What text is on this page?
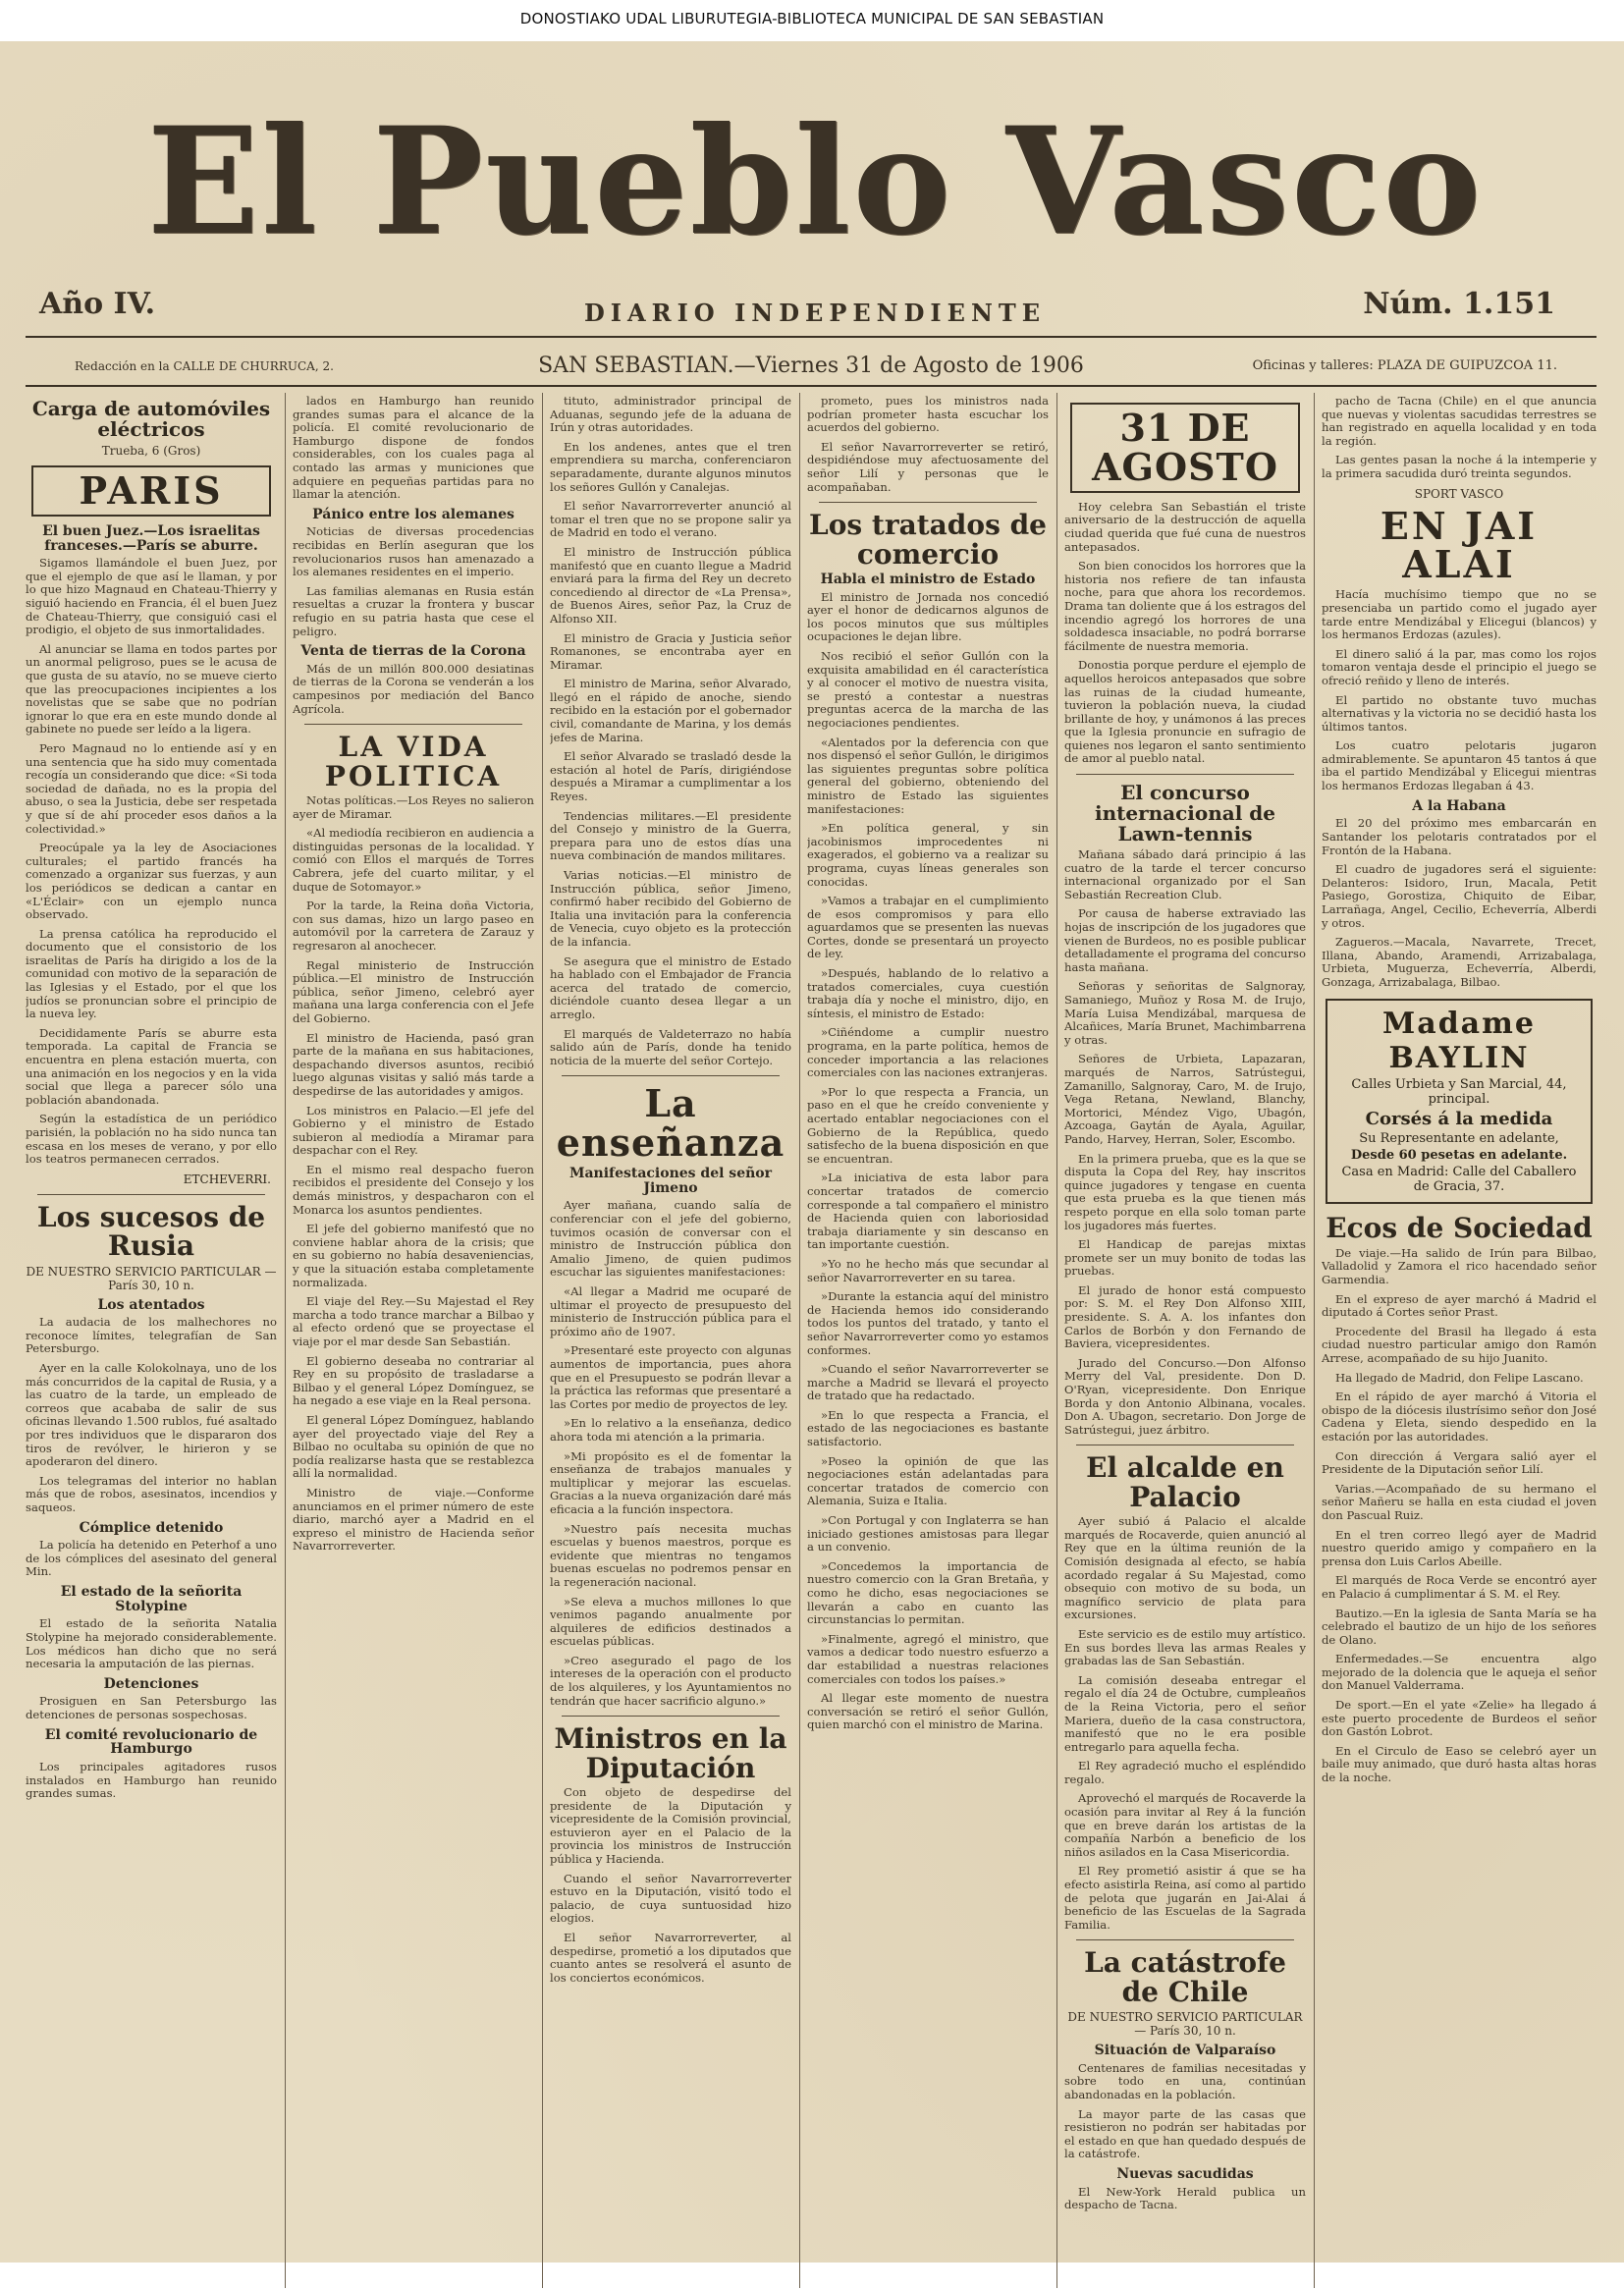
DONOSTIAKO UDAL LIBURUTEGIA-BIBLIOTECA MUNICIPAL DE SAN SEBASTIAN
El Pueblo Vasco
Año IV.	DIARIO INDEPENDIENTE	Núm. 1.151
Redacción en la CALLE DE CHURRUCA, 2.	SAN SEBASTIAN.—Viernes 31 de Agosto de 1906	Oficinas y talleres: PLAZA DE GUIPUZCOA 11.
Carga de automóviles eléctricos
Trueba, 6 (Gros)
PARIS
El buen Juez.—Los israelitas franceses.—París se aburre.

Sigamos llamándole el buen Juez, por que el ejemplo de que así le llaman, y por lo que hizo Magnaud en Chateau-Thierry y siguió haciendo en Francia, él el buen Juez de Chateau-Thierry, que consiguió casi el prodigio, el objeto de sus inmortalidades.

Al anunciar se llama en todos partes por un anormal peligroso, pues se le acusa de que gusta de su atavío, no se mueve cierto que las preocupaciones incipientes a los novelistas que se sabe que no podrían ignorar lo que era en este mundo donde al gabinete no puede ser leído a la ligera.

Pero Magnaud no lo entiende así y en una sentencia que ha sido muy comentada recogía un considerando que dice: «Si toda sociedad de dañada, no es la propia del abuso, o sea la Justicia, debe ser respetada y que sí de ahí proceder esos daños a la colectividad.»

Preocúpale ya la ley de Asociaciones culturales; el partido francés ha comenzado a organizar sus fuerzas, y aun los periódicos se dedican a cantar en «L'Éclair» con un ejemplo nunca observado.

La prensa católica ha reproducido el documento que el consistorio de los israelitas de París ha dirigido a los de la comunidad con motivo de la separación de las Iglesias y el Estado, por el que los judíos se pronuncian sobre el principio de la nueva ley.

Decididamente París se aburre esta temporada. La capital de Francia se encuentra en plena estación muerta, con una animación en los negocios y en la vida social que llega a parecer sólo una población abandonada.

Según la estadística de un periódico parisién, la población no ha sido nunca tan escasa en los meses de verano, y por ello los teatros permanecen cerrados.

ETCHEVERRI.
Los sucesos de Rusia
DE NUESTRO SERVICIO PARTICULAR — París 30, 10 n.
Los atentados

La audacia de los malhechores no reconoce límites, telegrafían de San Petersburgo.

Ayer en la calle Kolokolnaya, uno de los más concurridos de la capital de Rusia, y a las cuatro de la tarde, un empleado de correos que acababa de salir de sus oficinas llevando 1.500 rublos, fué asaltado por tres individuos que le dispararon dos tiros de revólver, le hirieron y se apoderaron del dinero.

Los telegramas del interior no hablan más que de robos, asesinatos, incendios y saqueos.

Cómplice detenido

La policía ha detenido en Peterhof a uno de los cómplices del asesinato del general Min.

El estado de la señorita Stolypine

El estado de la señorita Natalia Stolypine ha mejorado considerablemente. Los médicos han dicho que no será necesaria la amputación de las piernas.

Detenciones

Prosiguen en San Petersburgo las detenciones de personas sospechosas.

El comité revolucionario de Hamburgo

Los principales agitadores rusos instalados en Hamburgo han reunido grandes sumas.

lados en Hamburgo han reunido grandes sumas para el alcance de la policía. El comité revolucionario de Hamburgo dispone de fondos considerables, con los cuales paga al contado las armas y municiones que adquiere en pequeñas partidas para no llamar la atención.

Pánico entre los alemanes

Noticias de diversas procedencias recibidas en Berlín aseguran que los revolucionarios rusos han amenazado a los alemanes residentes en el imperio.

Las familias alemanas en Rusia están resueltas a cruzar la frontera y buscar refugio en su patria hasta que cese el peligro.

Venta de tierras de la Corona

Más de un millón 800.000 desiatinas de tierras de la Corona se venderán a los campesinos por mediación del Banco Agrícola.

LA VIDA POLITICA

Notas políticas.—Los Reyes no salieron ayer de Miramar.

«Al mediodía recibieron en audiencia a distinguidas personas de la localidad. Y comió con Ellos el marqués de Torres Cabrera, jefe del cuarto militar, y el duque de Sotomayor.»

Por la tarde, la Reina doña Victoria, con sus damas, hizo un largo paseo en automóvil por la carretera de Zarauz y regresaron al anochecer.

Regal ministerio de Instrucción pública.—El ministro de Instrucción pública, señor Jimeno, celebró ayer mañana una larga conferencia con el Jefe del Gobierno.

El ministro de Hacienda, pasó gran parte de la mañana en sus habitaciones, despachando diversos asuntos, recibió luego algunas visitas y salió más tarde a despedirse de las autoridades y amigos.

Los ministros en Palacio.—El jefe del Gobierno y el ministro de Estado subieron al mediodía a Miramar para despachar con el Rey.

En el mismo real despacho fueron recibidos el presidente del Consejo y los demás ministros, y despacharon con el Monarca los asuntos pendientes.

El jefe del gobierno manifestó que no conviene hablar ahora de la crisis; que en su gobierno no había desaveniencias, y que la situación estaba completamente normalizada.

El viaje del Rey.—Su Majestad el Rey marcha a todo trance marchar a Bilbao y al efecto ordenó que se proyectase el viaje por el mar desde San Sebastián.

El gobierno deseaba no contrariar al Rey en su propósito de trasladarse a Bilbao y el general López Domínguez, se ha negado a ese viaje en la Real persona.

El general López Domínguez, hablando ayer del proyectado viaje del Rey a Bilbao no ocultaba su opinión de que no podía realizarse hasta que se restablezca allí la normalidad.

Ministro de viaje.—Conforme anunciamos en el primer número de este diario, marchó ayer a Madrid en el expreso el ministro de Hacienda señor Navarrorreverter.

tituto, administrador principal de Aduanas, segundo jefe de la aduana de Irún y otras autoridades.

En los andenes, antes que el tren emprendiera su marcha, conferenciaron separadamente, durante algunos minutos los señores Gullón y Canalejas.

El señor Navarrorreverter anunció al tomar el tren que no se propone salir ya de Madrid en todo el verano.

El ministro de Instrucción pública manifestó que en cuanto llegue a Madrid enviará para la firma del Rey un decreto concediendo al director de «La Prensa», de Buenos Aires, señor Paz, la Cruz de Alfonso XII.

El ministro de Gracia y Justicia señor Romanones, se encontraba ayer en Miramar.

El ministro de Marina, señor Alvarado, llegó en el rápido de anoche, siendo recibido en la estación por el gobernador civil, comandante de Marina, y los demás jefes de Marina.

El señor Alvarado se trasladó desde la estación al hotel de París, dirigiéndose después a Miramar a cumplimentar a los Reyes.

Tendencias militares.—El presidente del Consejo y ministro de la Guerra, prepara para uno de estos días una nueva combinación de mandos militares.

Varias noticias.—El ministro de Instrucción pública, señor Jimeno, confirmó haber recibido del Gobierno de Italia una invitación para la conferencia de Venecia, cuyo objeto es la protección de la infancia.

Se asegura que el ministro de Estado ha hablado con el Embajador de Francia acerca del tratado de comercio, diciéndole cuanto desea llegar a un arreglo.

El marqués de Valdeterrazo no había salido aún de París, donde ha tenido noticia de la muerte del señor Cortejo.

La enseñanza
Manifestaciones del señor Jimeno

Ayer mañana, cuando salía de conferenciar con el jefe del gobierno, tuvimos ocasión de conversar con el ministro de Instrucción pública don Amalio Jimeno, de quien pudimos escuchar las siguientes manifestaciones:

«Al llegar a Madrid me ocuparé de ultimar el proyecto de presupuesto del ministerio de Instrucción pública para el próximo año de 1907.

»Presentaré este proyecto con algunas aumentos de importancia, pues ahora que en el Presupuesto se podrán llevar a la práctica las reformas que presentaré a las Cortes por medio de proyectos de ley.

»En lo relativo a la enseñanza, dedico ahora toda mi atención a la primaria.

»Mi propósito es el de fomentar la enseñanza de trabajos manuales y multiplicar y mejorar las escuelas. Gracias a la nueva organización daré más eficacia a la función inspectora.

»Nuestro país necesita muchas escuelas y buenos maestros, porque es evidente que mientras no tengamos buenas escuelas no podremos pensar en la regeneración nacional.

»Se eleva a muchos millones lo que venimos pagando anualmente por alquileres de edificios destinados a escuelas públicas.

»Creo asegurado el pago de los intereses de la operación con el producto de los alquileres, y los Ayuntamientos no tendrán que hacer sacrificio alguno.»

Ministros en la Diputación

Con objeto de despedirse del presidente de la Diputación y vicepresidente de la Comisión provincial, estuvieron ayer en el Palacio de la provincia los ministros de Instrucción pública y Hacienda.

Cuando el señor Navarrorreverter estuvo en la Diputación, visitó todo el palacio, de cuya suntuosidad hizo elogios.

El señor Navarrorreverter, al despedirse, prometió a los diputados que cuanto antes se resolverá el asunto de los conciertos económicos.

prometo, pues los ministros nada podrían prometer hasta escuchar los acuerdos del gobierno.

El señor Navarrorreverter se retiró, despidiéndose muy afectuosamente del señor Lilí y personas que le acompañaban.

Los tratados de comercio
Habla el ministro de Estado

El ministro de Jornada nos concedió ayer el honor de dedicarnos algunos de los pocos minutos que sus múltiples ocupaciones le dejan libre.

Nos recibió el señor Gullón con la exquisita amabilidad en él característica y al conocer el motivo de nuestra visita, se prestó a contestar a nuestras preguntas acerca de la marcha de las negociaciones pendientes.

«Alentados por la deferencia con que nos dispensó el señor Gullón, le dirigimos las siguientes preguntas sobre política general del gobierno, obteniendo del ministro de Estado las siguientes manifestaciones:

»En política general, y sin jacobinismos improcedentes ni exagerados, el gobierno va a realizar su programa, cuyas líneas generales son conocidas.

»Vamos a trabajar en el cumplimiento de esos compromisos y para ello aguardamos que se presenten las nuevas Cortes, donde se presentará un proyecto de ley.

»Después, hablando de lo relativo a tratados comerciales, cuya cuestión trabaja día y noche el ministro, dijo, en síntesis, el ministro de Estado:

»Ciñéndome a cumplir nuestro programa, en la parte política, hemos de conceder importancia a las relaciones comerciales con las naciones extranjeras.

»Por lo que respecta a Francia, un paso en el que he creído conveniente y acertado entablar negociaciones con el Gobierno de la República, quedo satisfecho de la buena disposición en que se encuentran.

»La iniciativa de esta labor para concertar tratados de comercio corresponde a tal compañero el ministro de Hacienda quien con laboriosidad trabaja diariamente y sin descanso en tan importante cuestión.

»Yo no he hecho más que secundar al señor Navarrorreverter en su tarea.

»Durante la estancia aquí del ministro de Hacienda hemos ido considerando todos los puntos del tratado, y tanto el señor Navarrorreverter como yo estamos conformes.

»Cuando el señor Navarrorreverter se marche a Madrid se llevará el proyecto de tratado que ha redactado.

»En lo que respecta a Francia, el estado de las negociaciones es bastante satisfactorio.

»Poseo la opinión de que las negociaciones están adelantadas para concertar tratados de comercio con Alemania, Suiza e Italia.

»Con Portugal y con Inglaterra se han iniciado gestiones amistosas para llegar a un convenio.

»Concedemos la importancia de nuestro comercio con la Gran Bretaña, y como he dicho, esas negociaciones se llevarán a cabo en cuanto las circunstancias lo permitan.

»Finalmente, agregó el ministro, que vamos a dedicar todo nuestro esfuerzo a dar estabilidad a nuestras relaciones comerciales con todos los países.»

Al llegar este momento de nuestra conversación se retiró el señor Gullón, quien marchó con el ministro de Marina.

31 DE AGOSTO

Hoy celebra San Sebastián el triste aniversario de la destrucción de aquella ciudad querida que fué cuna de nuestros antepasados.

Son bien conocidos los horrores que la historia nos refiere de tan infausta noche, para que ahora los recordemos. Drama tan doliente que á los estragos del incendio agregó los horrores de una soldadesca insaciable, no podrá borrarse fácilmente de nuestra memoria.

Donostia porque perdure el ejemplo de aquellos heroicos antepasados que sobre las ruinas de la ciudad humeante, tuvieron la población nueva, la ciudad brillante de hoy, y unámonos á las preces que la Iglesia pronuncie en sufragio de quienes nos legaron el santo sentimiento de amor al pueblo natal.

El concurso internacional de Lawn-tennis

Mañana sábado dará principio á las cuatro de la tarde el tercer concurso internacional organizado por el San Sebastián Recreation Club.

Por causa de haberse extraviado las hojas de inscripción de los jugadores que vienen de Burdeos, no es posible publicar detalladamente el programa del concurso hasta mañana.

Señoras y señoritas de Salgnoray, Samaniego, Muñoz y Rosa M. de Irujo, María Luisa Mendizábal, marquesa de Alcañices, María Brunet, Machimbarrena y otras.

Señores de Urbieta, Lapazaran, marqués de Narros, Satrústegui, Zamanillo, Salgnoray, Caro, M. de Irujo, Vega Retana, Newland, Blanchy, Mortorici, Méndez Vigo, Ubagón, Azcoaga, Gaytán de Ayala, Aguilar, Pando, Harvey, Herran, Soler, Escombo.

En la primera prueba, que es la que se disputa la Copa del Rey, hay inscritos quince jugadores y tengase en cuenta que esta prueba es la que tienen más respeto porque en ella solo toman parte los jugadores más fuertes.

El Handicap de parejas mixtas promete ser un muy bonito de todas las pruebas.

El jurado de honor está compuesto por: S. M. el Rey Don Alfonso XIII, presidente. S. A. A. los infantes don Carlos de Borbón y don Fernando de Baviera, vicepresidentes.

Jurado del Concurso.—Don Alfonso Merry del Val, presidente. Don D. O'Ryan, vicepresidente. Don Enrique Borda y don Antonio Albinana, vocales. Don A. Ubagon, secretario. Don Jorge de Satrústegui, juez árbitro.

El alcalde en Palacio

Ayer subió á Palacio el alcalde marqués de Rocaverde, quien anunció al Rey que en la última reunión de la Comisión designada al efecto, se había acordado regalar á Su Majestad, como obsequio con motivo de su boda, un magnífico servicio de plata para excursiones.

Este servicio es de estilo muy artístico. En sus bordes lleva las armas Reales y grabadas las de San Sebastián.

La comisión deseaba entregar el regalo el día 24 de Octubre, cumpleaños de la Reina Victoria, pero el señor Mariera, dueño de la casa constructora, manifestó que no le era posible entregarlo para aquella fecha.

El Rey agradeció mucho el espléndido regalo.

Aprovechó el marqués de Rocaverde la ocasión para invitar al Rey á la función que en breve darán los artistas de la compañía Narbón a beneficio de los niños asilados en la Casa Misericordia.

El Rey prometió asistir á que se ha efecto asistirla Reina, así como al partido de pelota que jugarán en Jai-Alai á beneficio de las Escuelas de la Sagrada Familia.

La catástrofe de Chile
DE NUESTRO SERVICIO PARTICULAR — París 30, 10 n.
Situación de Valparaíso

Centenares de familias necesitadas y sobre todo en una, continúan abandonadas en la población.

La mayor parte de las casas que resistieron no podrán ser habitadas por el estado en que han quedado después de la catástrofe.

Nuevas sacudidas

El New-York Herald publica un despacho de Tacna.

pacho de Tacna (Chile) en el que anuncia que nuevas y violentas sacudidas terrestres se han registrado en aquella localidad y en toda la región.

Las gentes pasan la noche á la intemperie y la primera sacudida duró treinta segundos.

SPORT VASCO
EN JAI ALAI

Hacía muchísimo tiempo que no se presenciaba un partido como el jugado ayer tarde entre Mendizábal y Elicegui (blancos) y los hermanos Erdozas (azules).

El dinero salió á la par, mas como los rojos tomaron ventaja desde el principio el juego se ofreció reñido y lleno de interés.

El partido no obstante tuvo muchas alternativas y la victoria no se decidió hasta los últimos tantos.

Los cuatro pelotaris jugaron admirablemente. Se apuntaron 45 tantos á que iba el partido Mendizábal y Elicegui mientras los hermanos Erdozas llegaban á 43.

A la Habana

El 20 del próximo mes embarcarán en Santander los pelotaris contratados por el Frontón de la Habana.

El cuadro de jugadores será el siguiente: Delanteros: Isidoro, Irun, Macala, Petit Pasiego, Gorostiza, Chiquito de Eibar, Larrañaga, Angel, Cecilio, Echeverría, Alberdi y otros.

Zagueros.—Macala, Navarrete, Trecet, Illana, Abando, Aramendi, Arrizabalaga, Urbieta, Muguerza, Echeverría, Alberdi, Gonzaga, Arrizabalaga, Bilbao.

Madame BAYLIN
Calles Urbieta y San Marcial, 44, principal.
Corsés á la medida
Su Representante en adelante,
Desde 60 pesetas en adelante.
Casa en Madrid: Calle del Caballero de Gracia, 37.
Ecos de Sociedad

De viaje.—Ha salido de Irún para Bilbao, Valladolid y Zamora el rico hacendado señor Garmendia.

En el expreso de ayer marchó á Madrid el diputado á Cortes señor Prast.

Procedente del Brasil ha llegado á esta ciudad nuestro particular amigo don Ramón Arrese, acompañado de su hijo Juanito.

Ha llegado de Madrid, don Felipe Lascano.

En el rápido de ayer marchó á Vitoria el obispo de la diócesis ilustrísimo señor don José Cadena y Eleta, siendo despedido en la estación por las autoridades.

Con dirección á Vergara salió ayer el Presidente de la Diputación señor Lilí.

Varias.—Acompañado de su hermano el señor Mañeru se halla en esta ciudad el joven don Pascual Ruiz.

En el tren correo llegó ayer de Madrid nuestro querido amigo y compañero en la prensa don Luis Carlos Abeille.

El marqués de Roca Verde se encontró ayer en Palacio á cumplimentar á S. M. el Rey.

Bautizo.—En la iglesia de Santa María se ha celebrado el bautizo de un hijo de los señores de Olano.

Enfermedades.—Se encuentra algo mejorado de la dolencia que le aqueja el señor don Manuel Valderrama.

De sport.—En el yate «Zelie» ha llegado á este puerto procedente de Burdeos el señor don Gastón Lobrot.

En el Circulo de Easo se celebró ayer un baile muy animado, que duró hasta altas horas de la noche.
